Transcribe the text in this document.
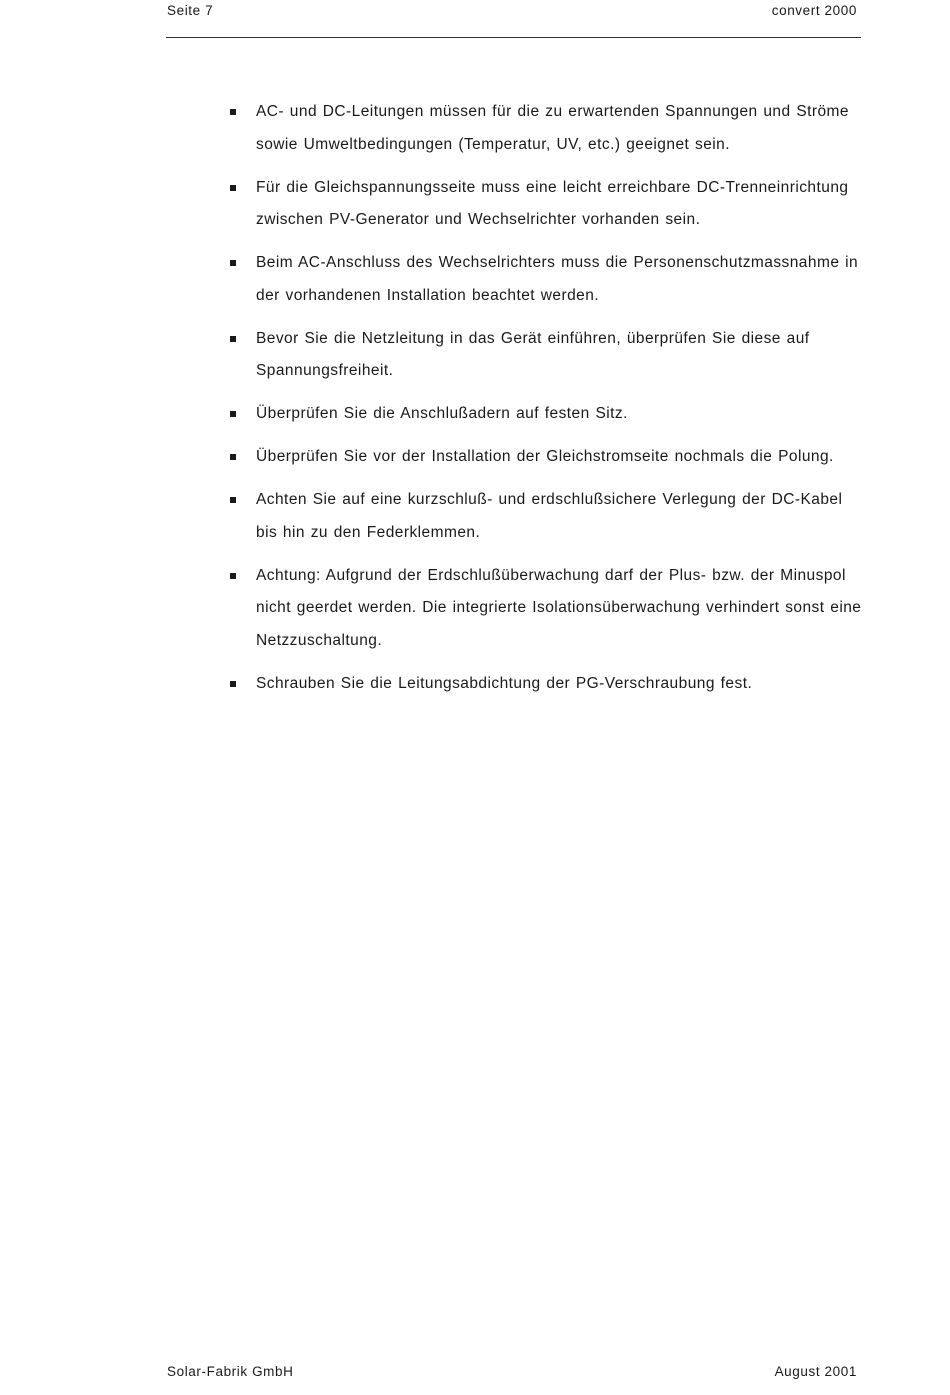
Seite 7	convert 2000
AC- und DC-Leitungen müssen für die zu erwartenden Spannungen und Ströme sowie Umweltbedingungen (Temperatur, UV, etc.) geeignet sein.
Für die Gleichspannungsseite muss eine leicht erreichbare DC-Trenneinrichtung zwischen PV-Generator und Wechselrichter vorhanden sein.
Beim AC-Anschluss des Wechselrichters muss die Personenschutzmassnahme in der vorhandenen Installation beachtet werden.
Bevor Sie die Netzleitung in das Gerät einführen, überprüfen Sie diese auf Spannungsfreiheit.
Überprüfen Sie die Anschlußadern auf festen Sitz.
Überprüfen Sie vor der Installation der Gleichstromseite nochmals die Polung.
Achten Sie auf eine kurzschluß- und erdschlußsichere Verlegung der DC-Kabel bis hin zu den Federklemmen.
Achtung: Aufgrund der Erdschlußüberwachung darf der Plus- bzw. der Minuspol nicht geerdet werden. Die integrierte Isolationsüberwachung verhindert sonst eine Netzzuschaltung.
Schrauben Sie die Leitungsabdichtung der PG-Verschraubung fest.
Solar-Fabrik GmbH	August 2001
